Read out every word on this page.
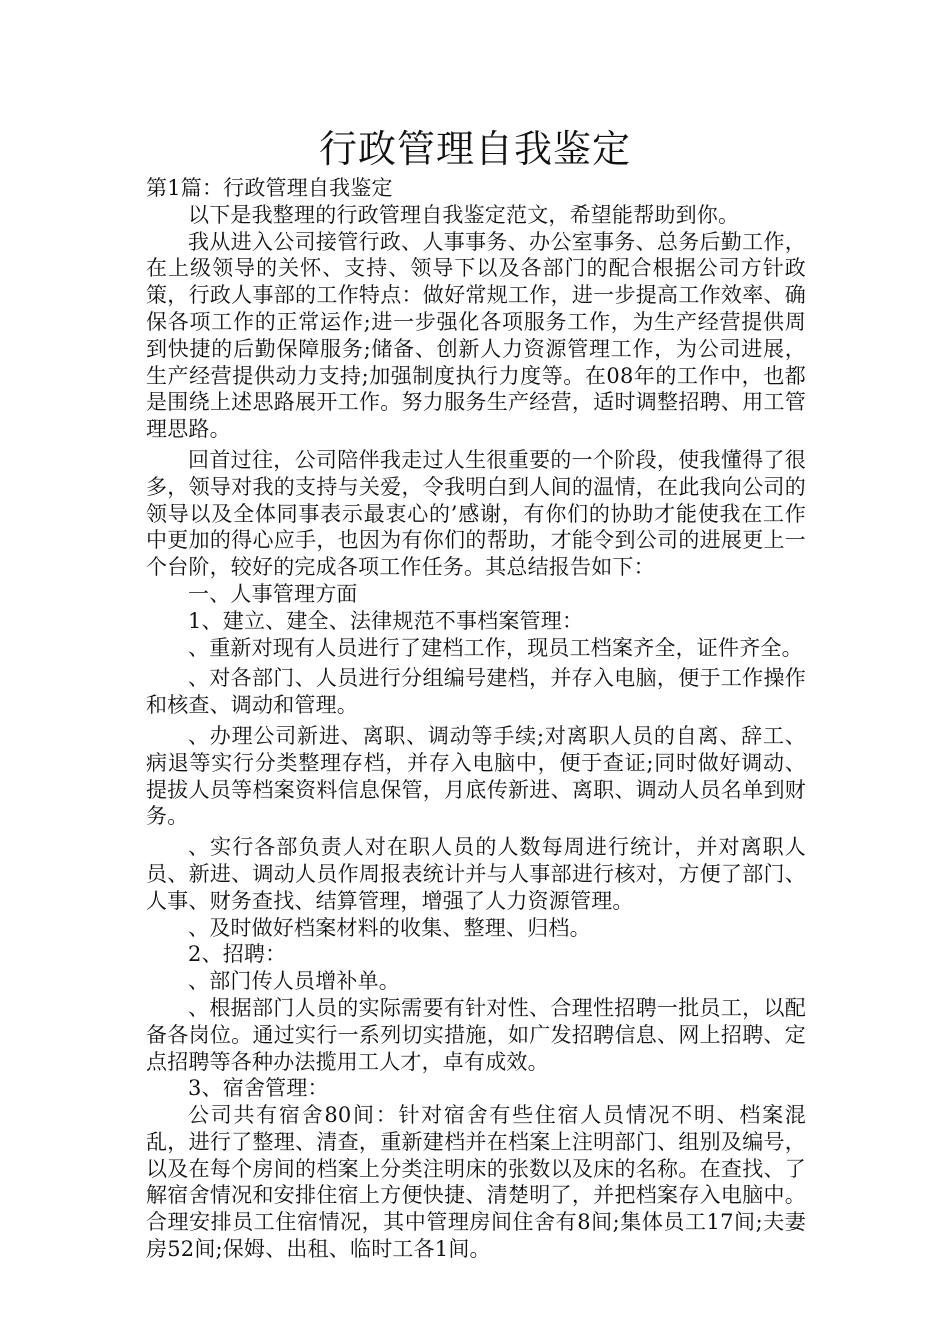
行政管理自我鉴定

第1篇：行政管理自我鉴定

以下是我整理的行政管理自我鉴定范文，希望能帮助到你。

我从进入公司接管行政、人事事务、办公室事务、总务后勤工作，在上级领导的关怀、支持、领导下以及各部门的配合根据公司方针政策，行政人事部的工作特点：做好常规工作，进一步提高工作效率、确保各项工作的正常运作;进一步强化各项服务工作，为生产经营提供周到快捷的后勤保障服务;储备、创新人力资源管理工作，为公司进展，生产经营提供动力支持;加强制度执行力度等。在08年的工作中，也都是围绕上述思路展开工作。努力服务生产经营，适时调整招聘、用工管理思路。

回首过往，公司陪伴我走过人生很重要的一个阶段，使我懂得了很多，领导对我的支持与关爱，令我明白到人间的温情，在此我向公司的领导以及全体同事表示最衷心的’感谢，有你们的协助才能使我在工作中更加的得心应手，也因为有你们的帮助，才能令到公司的进展更上一个台阶，较好的完成各项工作任务。其总结报告如下：

一、人事管理方面

1、建立、建全、法律规范不事档案管理：

、重新对现有人员进行了建档工作，现员工档案齐全，证件齐全。

、对各部门、人员进行分组编号建档，并存入电脑，便于工作操作和核查、调动和管理。

、办理公司新进、离职、调动等手续;对离职人员的自离、辞工、病退等实行分类整理存档，并存入电脑中，便于查证;同时做好调动、提拔人员等档案资料信息保管，月底传新进、离职、调动人员名单到财务。

、实行各部负责人对在职人员的人数每周进行统计，并对离职人员、新进、调动人员作周报表统计并与人事部进行核对，方便了部门、人事、财务查找、结算管理，增强了人力资源管理。

、及时做好档案材料的收集、整理、归档。

2、招聘：

、部门传人员增补单。

、根据部门人员的实际需要有针对性、合理性招聘一批员工，以配备各岗位。通过实行一系列切实措施，如广发招聘信息、网上招聘、定点招聘等各种办法揽用工人才，卓有成效。

3、宿舍管理：

公司共有宿舍80间：针对宿舍有些住宿人员情况不明、档案混乱，进行了整理、清查，重新建档并在档案上注明部门、组别及编号，以及在每个房间的档案上分类注明床的张数以及床的名称。在查找、了解宿舍情况和安排住宿上方便快捷、清楚明了，并把档案存入电脑中。合理安排员工住宿情况，其中管理房间住舍有8间;集体员工17间;夫妻房52间;保姆、出租、临时工各1间。
